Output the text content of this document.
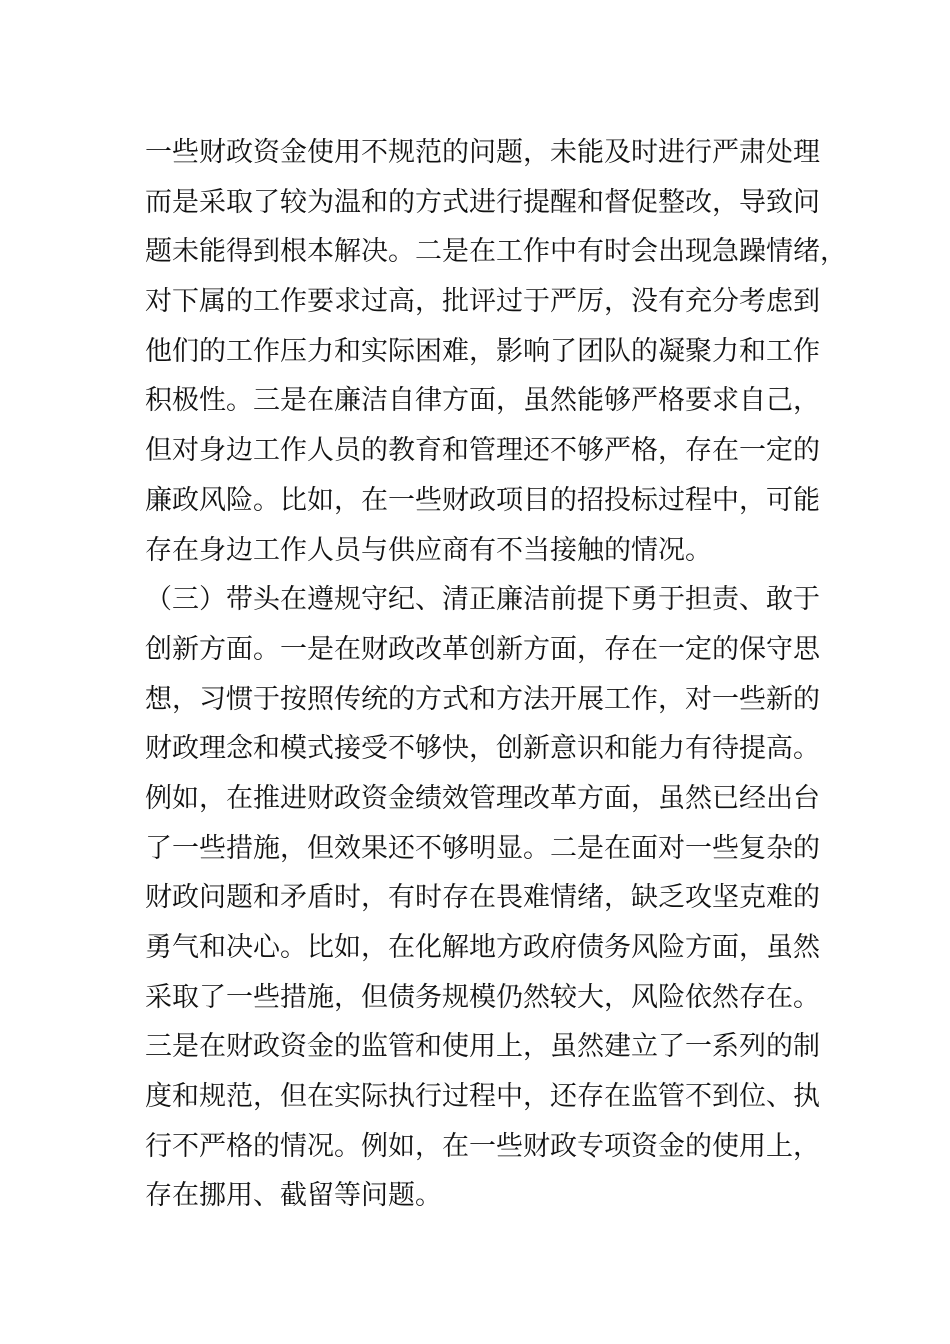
一些财政资金使用不规范的问题，未能及时进行严肃处理
而是采取了较为温和的方式进行提醒和督促整改，导致问
题未能得到根本解决。二是在工作中有时会出现急躁情绪，
对下属的工作要求过高，批评过于严厉，没有充分考虑到
他们的工作压力和实际困难，影响了团队的凝聚力和工作
积极性。三是在廉洁自律方面，虽然能够严格要求自己，
但对身边工作人员的教育和管理还不够严格，存在一定的
廉政风险。比如，在一些财政项目的招投标过程中，可能
存在身边工作人员与供应商有不当接触的情况。
（三）带头在遵规守纪、清正廉洁前提下勇于担责、敢于
创新方面。一是在财政改革创新方面，存在一定的保守思
想，习惯于按照传统的方式和方法开展工作，对一些新的
财政理念和模式接受不够快，创新意识和能力有待提高。
例如，在推进财政资金绩效管理改革方面，虽然已经出台
了一些措施，但效果还不够明显。二是在面对一些复杂的
财政问题和矛盾时，有时存在畏难情绪，缺乏攻坚克难的
勇气和决心。比如，在化解地方政府债务风险方面，虽然
采取了一些措施，但债务规模仍然较大，风险依然存在。
三是在财政资金的监管和使用上，虽然建立了一系列的制
度和规范，但在实际执行过程中，还存在监管不到位、执
行不严格的情况。例如，在一些财政专项资金的使用上，
存在挪用、截留等问题。
